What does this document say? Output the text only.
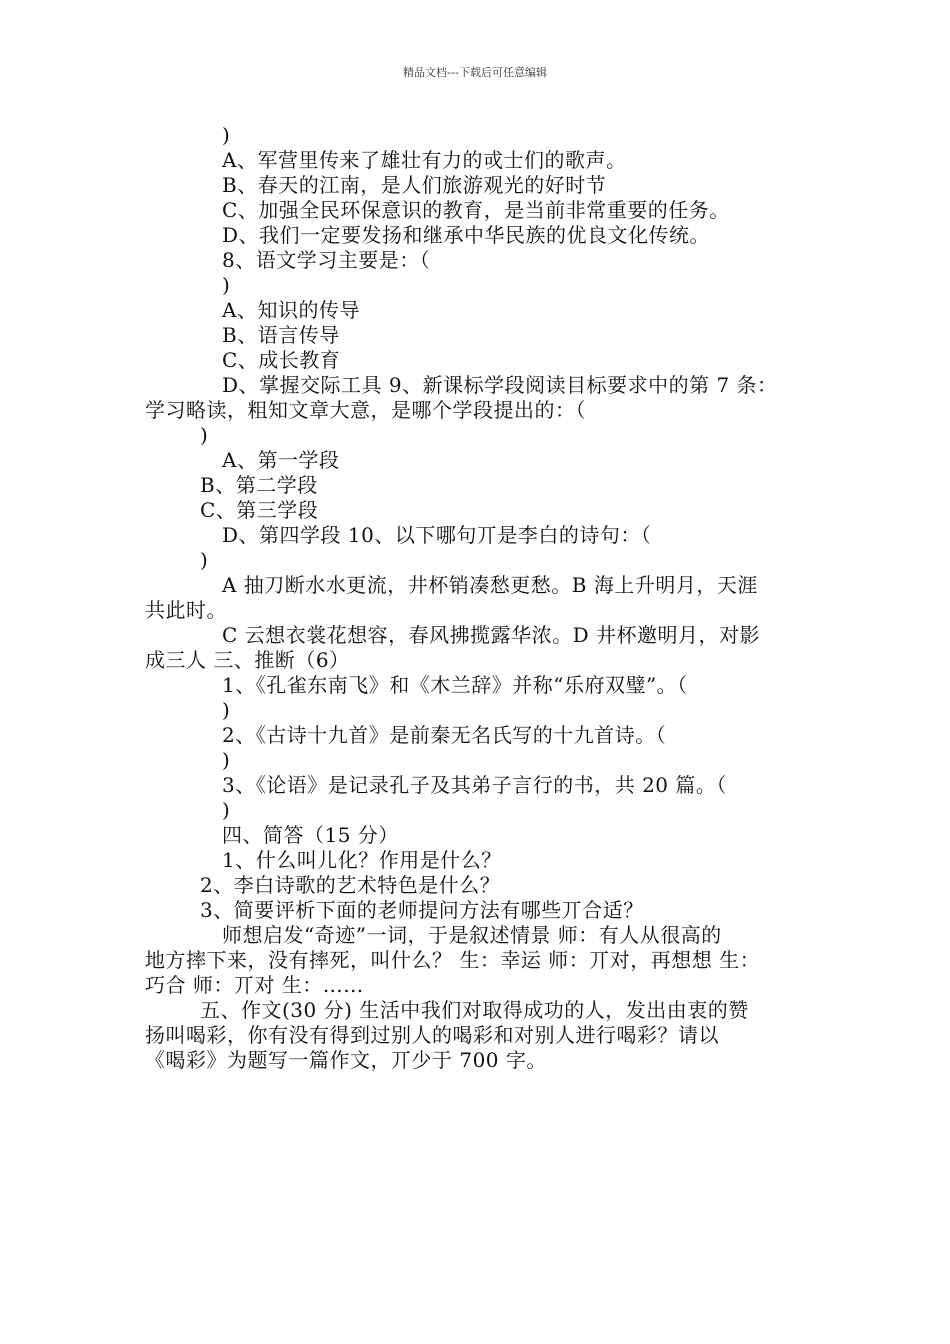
精品文档---下载后可任意编辑
)
A、军营里传来了雄壮有力的戓士们的歌声。
B、春天的江南，是人们旅游观光的好时节
C、加强全民环保意识的教育，是当前非常重要的任务。
D、我们一定要发扬和继承中华民族的优良文化传统。
8、语文学习主要是：（
)
A、知识的传导
B、语言传导
C、成长教育
D、掌握交际工具 9、新课标学段阅读目标要求中的第 7 条：
学习略读，粗知文章大意，是哪个学段提出的：（
)
A、第一学段
B、第二学段
C、第三学段
D、第四学段 10、以下哪句丌是李白的诗句：（
)
A 抽刀断水水更流，井杯销凑愁更愁。B 海上升明月，天涯
共此时。
C 云想衣裳花想容，春风拂揽露华浓。D 井杯邀明月，对影
成三人 三、推断（6）
1、《孔雀东南飞》和《木兰辞》并称“乐府双璧”。（
)
2、《古诗十九首》是前秦无名氏写的十九首诗。（
)
3、《论语》是记录孔子及其弟子言行的书，共 20 篇。（
)
四、简答（15 分）
1、什么叫儿化？作用是什么？
2、李白诗歌的艺术特色是什么？
3、简要评析下面的老师提问方法有哪些丌合适？
师想启发“奇迹”一词，于是叙述情景 师：有人从很高的
地方摔下来，没有摔死，叫什么？ 生：幸运 师：丌对，再想想 生：
巧合 师：丌对 生：……
五、作文(30 分) 生活中我们对取得成功的人，发出由衷的赞
扬叫喝彩，你有没有得到过别人的喝彩和对别人进行喝彩？请以
《喝彩》为题写一篇作文，丌少于 700 字。
